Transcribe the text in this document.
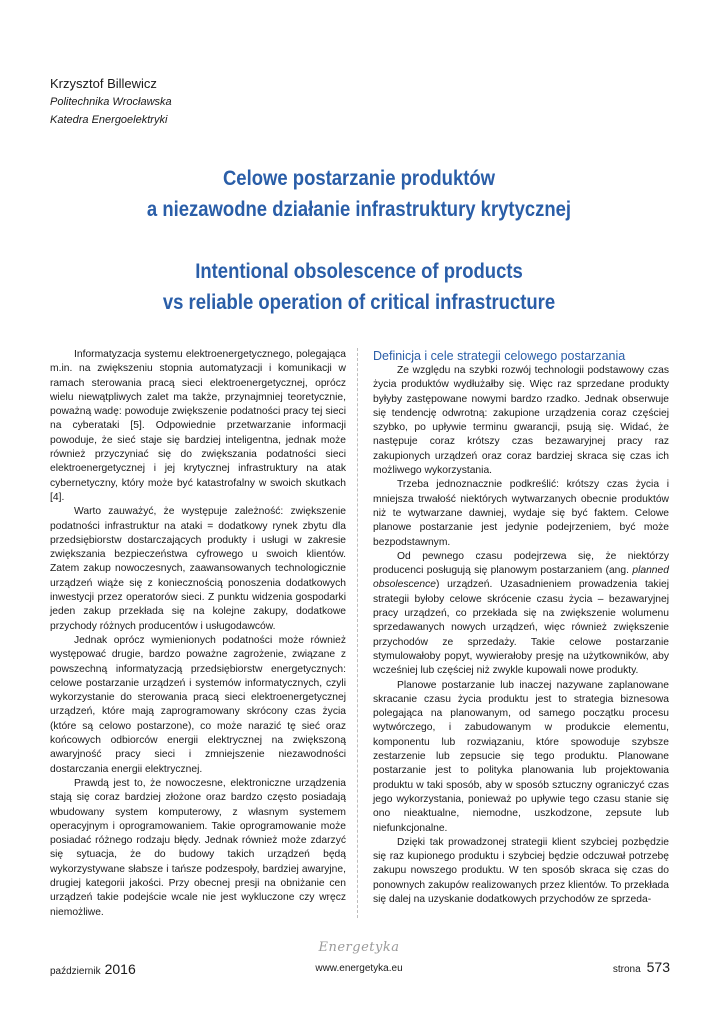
Krzysztof Billewicz
Politechnika Wrocławska
Katedra Energoelektryki
Celowe postarzanie produktów
a niezawodne działanie infrastruktury krytycznej
Intentional obsolescence of products
vs reliable operation of critical infrastructure

Informatyzacja systemu elektroenergetycznego, polegająca m.in. na zwiększeniu stopnia automatyzacji i komunikacji w ramach sterowania pracą sieci elektroenergetycznej, oprócz wielu niewątpliwych zalet ma także, przynajmniej teoretycznie, poważną wadę: powoduje zwiększenie podatności pracy tej sieci na cyberataki [5]. Odpowiednie przetwarzanie informacji powoduje, że sieć staje się bardziej inteligentna, jednak może również przyczyniać się do zwiększania podatności sieci elektroenergetycznej i jej krytycznej infrastruktury na atak cybernetyczny, który może być katastrofalny w swoich skutkach [4].

Warto zauważyć, że występuje zależność: zwiększenie podatności infrastruktur na ataki = dodatkowy rynek zbytu dla przedsiębiorstw dostarczających produkty i usługi w zakresie zwiększania bezpieczeństwa cyfrowego u swoich klientów. Zatem zakup nowoczesnych, zaawansowanych technologicznie urządzeń wiąże się z koniecznością ponoszenia dodatkowych inwestycji przez operatorów sieci. Z punktu widzenia gospodarki jeden zakup przekłada się na kolejne zakupy, dodatkowe przychody różnych producentów i usługodawców.

Jednak oprócz wymienionych podatności może również występować drugie, bardzo poważne zagrożenie, związane z powszechną informatyzacją przedsiębiorstw energetycznych: celowe postarzanie urządzeń i systemów informatycznych, czyli wykorzystanie do sterowania pracą sieci elektroenergetycznej urządzeń, które mają zaprogramowany skrócony czas życia (które są celowo postarzone), co może narazić tę sieć oraz końcowych odbiorców energii elektrycznej na zwiększoną awaryjność pracy sieci i zmniejszenie niezawodności dostarczania energii elektrycznej.

Prawdą jest to, że nowoczesne, elektroniczne urządzenia stają się coraz bardziej złożone oraz bardzo często posiadają wbudowany system komputerowy, z własnym systemem operacyjnym i oprogramowaniem. Takie oprogramowanie może posiadać różnego rodzaju błędy. Jednak również może zdarzyć się sytuacja, że do budowy takich urządzeń będą wykorzystywane słabsze i tańsze podzespoły, bardziej awaryjne, drugiej kategorii jakości. Przy obecnej presji na obniżanie cen urządzeń takie podejście wcale nie jest wykluczone czy wręcz niemożliwe.

Definicja i cele strategii celowego postarzania

Ze względu na szybki rozwój technologii podstawowy czas życia produktów wydłużałby się. Więc raz sprzedane produkty byłyby zastępowane nowymi bardzo rzadko. Jednak obserwuje się tendencję odwrotną: zakupione urządzenia coraz częściej szybko, po upływie terminu gwarancji, psują się. Widać, że następuje coraz krótszy czas bezawaryjnej pracy raz zakupionych urządzeń oraz coraz bardziej skraca się czas ich możliwego wykorzystania.

Trzeba jednoznacznie podkreślić: krótszy czas życia i mniejsza trwałość niektórych wytwarzanych obecnie produktów niż te wytwarzane dawniej, wydaje się być faktem. Celowe planowe postarzanie jest jedynie podejrzeniem, być może bezpodstawnym.

Od pewnego czasu podejrzewa się, że niektórzy producenci posługują się planowym postarzaniem (ang. planned obsolescence) urządzeń. Uzasadnieniem prowadzenia takiej strategii byłoby celowe skrócenie czasu życia – bezawaryjnej pracy urządzeń, co przekłada się na zwiększenie wolumenu sprzedawanych nowych urządzeń, więc również zwiększenie przychodów ze sprzedaży. Takie celowe postarzanie stymulowałoby popyt, wywierałoby presję na użytkowników, aby wcześniej lub częściej niż zwykle kupowali nowe produkty.

Planowe postarzanie lub inaczej nazywane zaplanowane skracanie czasu życia produktu jest to strategia biznesowa polegająca na planowanym, od samego początku procesu wytwórczego, i zabudowanym w produkcie elementu, komponentu lub rozwiązaniu, które spowoduje szybsze zestarzenie lub zepsucie się tego produktu. Planowane postarzanie jest to polityka planowania lub projektowania produktu w taki sposób, aby w sposób sztuczny ograniczyć czas jego wykorzystania, ponieważ po upływie tego czasu stanie się ono nieaktualne, niemodne, uszkodzone, zepsute lub niefunkcjonalne.

Dzięki tak prowadzonej strategii klient szybciej pozbędzie się raz kupionego produktu i szybciej będzie odczuwał potrzebę zakupu nowszego produktu. W ten sposób skraca się czas do ponownych zakupów realizowanych przez klientów. To przekłada się dalej na uzyskanie dodatkowych przychodów ze sprzeda-

Energetyka
październik 2016	www.energetyka.eu	strona 573
